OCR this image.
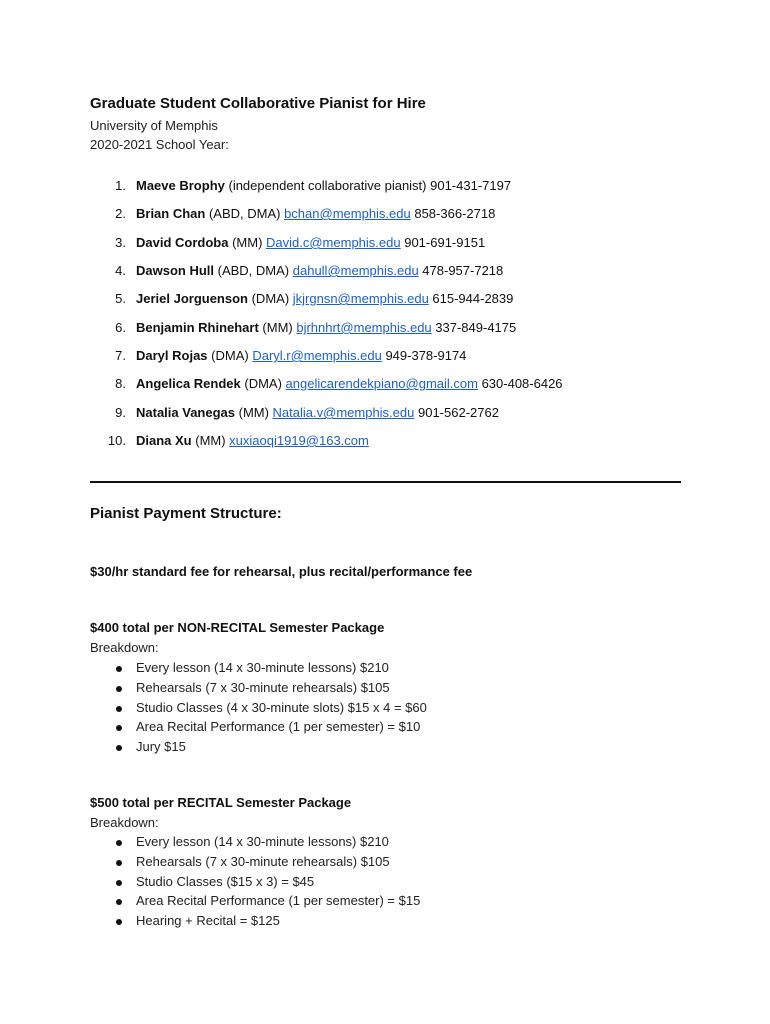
Graduate Student Collaborative Pianist for Hire
University of Memphis
2020-2021 School Year:
1. Maeve Brophy (independent collaborative pianist) 901-431-7197
2. Brian Chan (ABD, DMA) bchan@memphis.edu 858-366-2718
3. David Cordoba (MM) David.c@memphis.edu 901-691-9151
4. Dawson Hull (ABD, DMA) dahull@memphis.edu 478-957-7218
5. Jeriel Jorguenson (DMA) jkjrgnsn@memphis.edu 615-944-2839
6. Benjamin Rhinehart (MM) bjrhnhrt@memphis.edu 337-849-4175
7. Daryl Rojas (DMA) Daryl.r@memphis.edu 949-378-9174
8. Angelica Rendek (DMA) angelicarendekpiano@gmail.com 630-408-6426
9. Natalia Vanegas (MM) Natalia.v@memphis.edu 901-562-2762
10. Diana Xu (MM) xuxiaoqi1919@163.com
Pianist Payment Structure:
$30/hr standard fee for rehearsal, plus recital/performance fee
$400 total per NON-RECITAL Semester Package
Breakdown:
Every lesson (14 x 30-minute lessons) $210
Rehearsals (7 x 30-minute rehearsals) $105
Studio Classes (4 x 30-minute slots) $15 x 4 = $60
Area Recital Performance (1 per semester) = $10
Jury $15
$500 total per RECITAL Semester Package
Breakdown:
Every lesson (14 x 30-minute lessons) $210
Rehearsals (7 x 30-minute rehearsals) $105
Studio Classes ($15 x 3) = $45
Area Recital Performance (1 per semester) = $15
Hearing + Recital = $125
